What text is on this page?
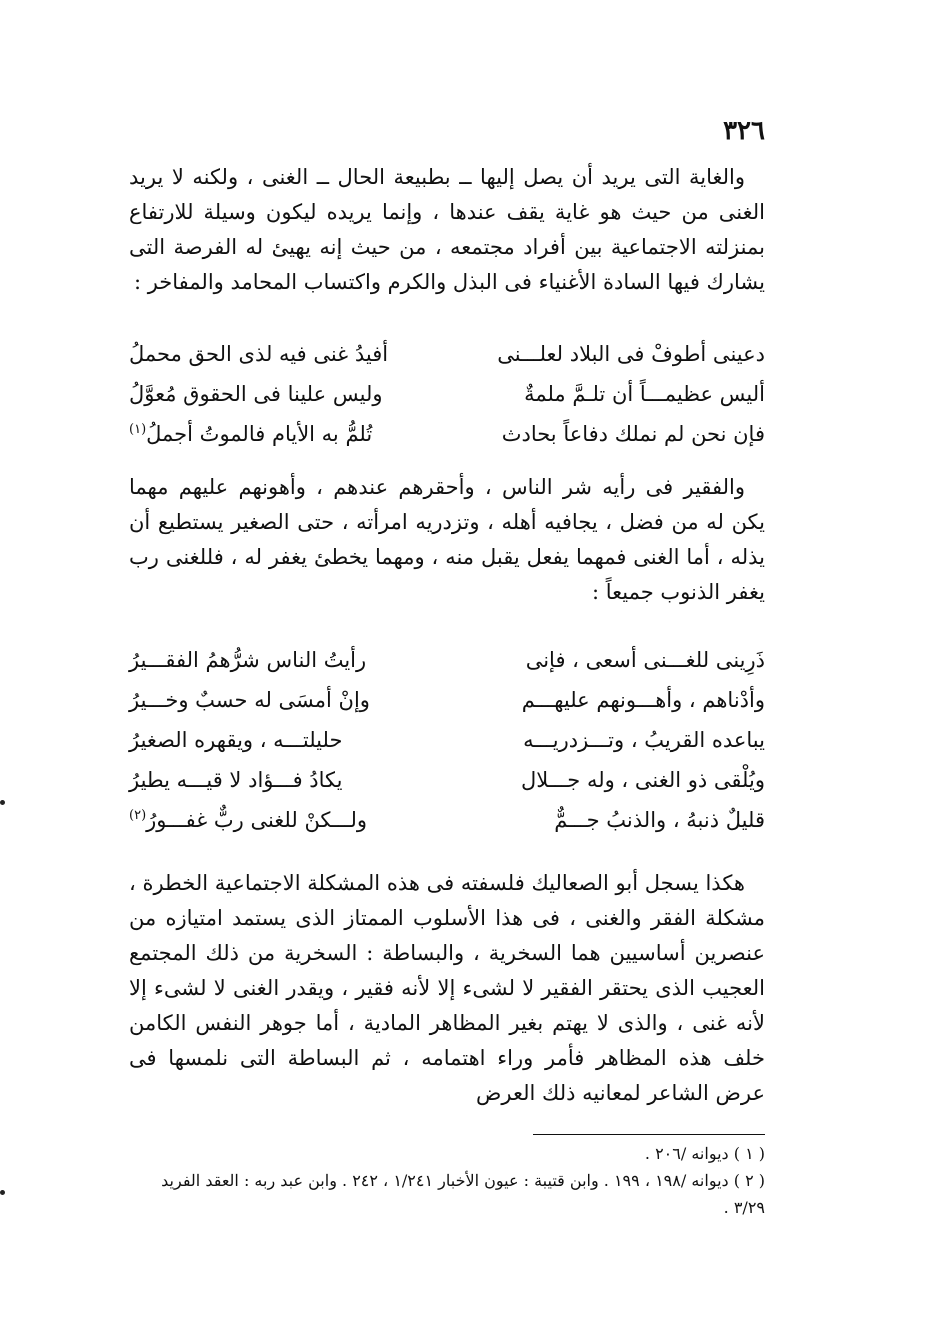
٣٢٦

والغاية التى يريد أن يصل إليها ــ بطبيعة الحال ــ الغنى ، ولكنه لا يريد الغنى من حيث هو غاية يقف عندها ، وإنما يريده ليكون وسيلة للارتفاع بمنزلته الاجتماعية بين أفراد مجتمعه ، من حيث إنه يهيئ له الفرصة التى يشارك فيها السادة الأغنياء فى البذل والكرم واكتساب المحامد والمفاخر :

دعينى أطوفْ فى البلاد لعلـــنى
أفيدُ غنى فيه لذى الحق محملُ
أليس عظيمـــاً أن تلـمَّ ملمةٌ
وليس علينا فى الحقوق مُعوَّلُ
فإن نحن لم نملك دفاعاً بحادث
تُلمُّ به الأيام فالموتُ أجملُ$^{(١)}$

والفقير فى رأيه شر الناس ، وأحقرهم عندهم ، وأهونهم عليهم مهما يكن له من فضل ، يجافيه أهله ، وتزدريه امرأته ، حتى الصغير يستطيع أن يذله ، أما الغنى فمهما يفعل يقبل منه ، ومهما يخطئ يغفر له ، فللغنى رب يغفر الذنوب جميعاً :

ذَرِينى للغـــنى أسعى ، فإنى
رأيتُ الناس شرُّهمُ الفقـــيرُ
وأدْناهم ، وأهـــونهم عليهـــم
وإنْ أمسَى له حسبٌ وخـــيرُ
يباعده القريبُ ، وتـــزدريـــه
حليلتـــه ، ويقهره الصغيرُ
ويُلْقى ذو الغنى ، وله جـــلال
يكادُ فـــؤاد لا قيـــه يطيرُ
قليلٌ ذنبهُ ، والذنبُ جـــمٌّ
ولـــكنْ للغنى ربٌّ غفـــورُ$^{(٢)}$

هكذا يسجل أبو الصعاليك فلسفته فى هذه المشكلة الاجتماعية الخطرة ، مشكلة الفقر والغنى ، فى هذا الأسلوب الممتاز الذى يستمد امتيازه من عنصرين أساسيين هما السخرية ، والبساطة : السخرية من ذلك المجتمع العجيب الذى يحتقر الفقير لا لشىء إلا لأنه فقير ، ويقدر الغنى لا لشىء إلا لأنه غنى ، والذى لا يهتم بغير المظاهر المادية ، أما جوهر النفس الكامن خلف هذه المظاهر فأمر وراء اهتمامه ، ثم البساطة التى نلمسها فى عرض الشاعر لمعانيه ذلك العرض

( ١ ) ديوانه /٢٠٦ .

( ٢ ) ديوانه /١٩٨ ، ١٩٩ . وابن قتيبة : عيون الأخبار ١/٢٤١ ، ٢٤٢ . وابن عبد ربه : العقد الفريد ٣/٢٩ .
